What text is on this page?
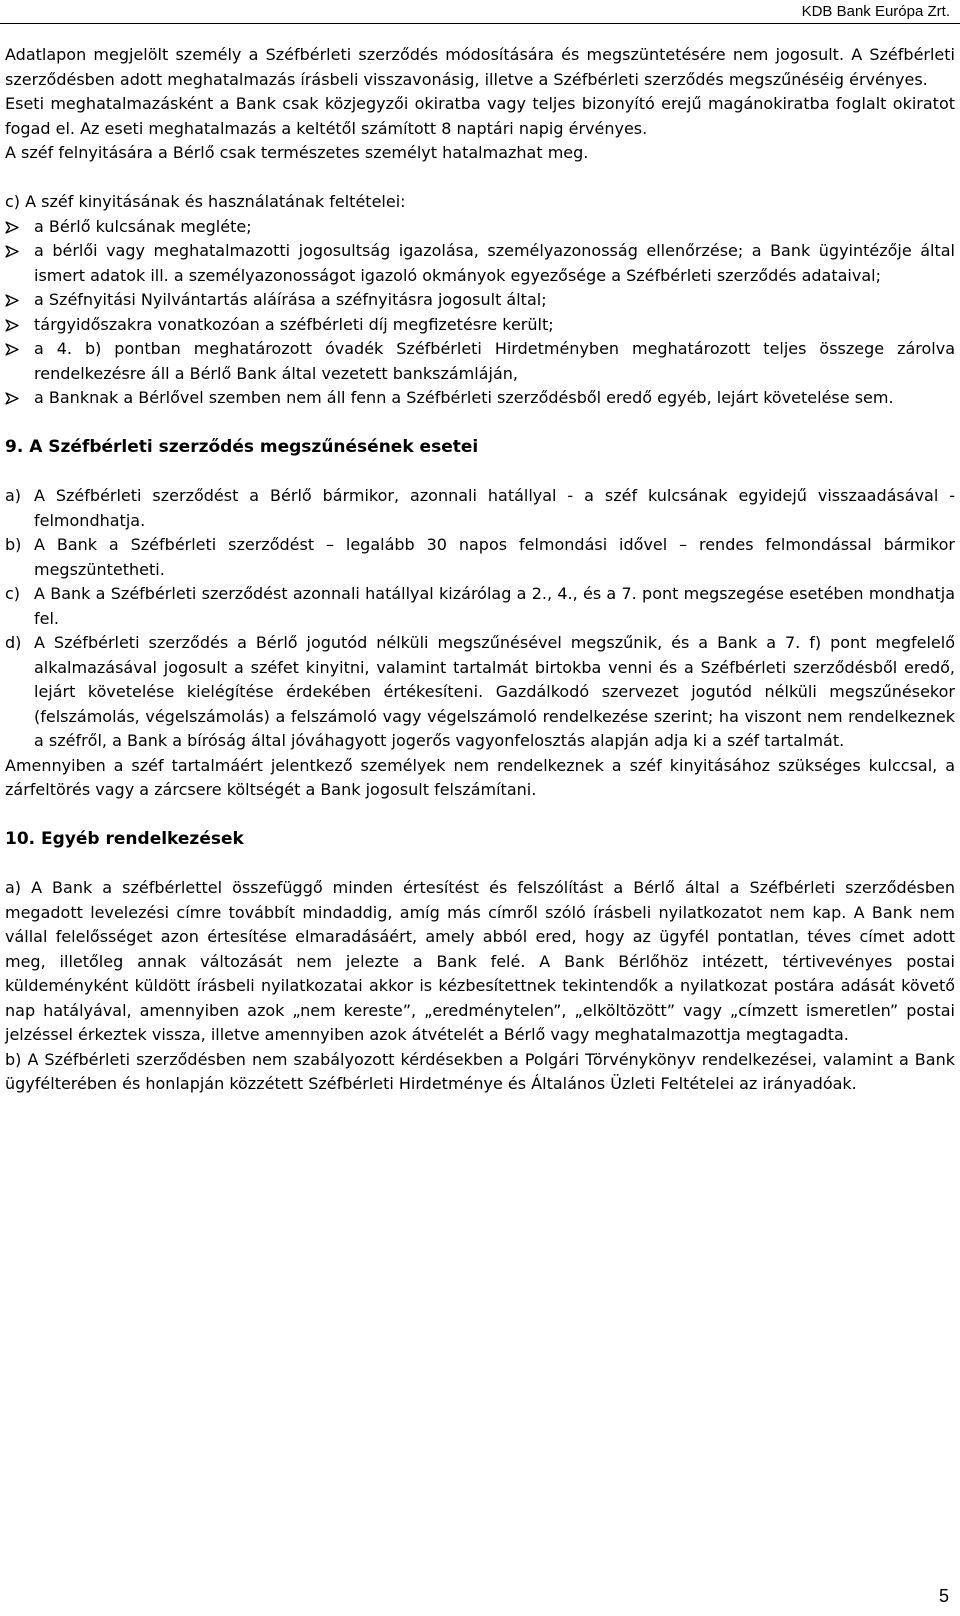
KDB Bank Európa Zrt.

Adatlapon megjelölt személy a Széfbérleti szerződés módosítására és megszüntetésére nem jogosult. A Széfbérleti szerződésben adott meghatalmazás írásbeli visszavonásig, illetve a Széfbérleti szerződés megszűnéséig érvényes.

Eseti meghatalmazásként a Bank csak közjegyzői okiratba vagy teljes bizonyító erejű magánokiratba foglalt okiratot fogad el. Az eseti meghatalmazás a keltétől számított 8 naptári napig érvényes.

A széf felnyitására a Bérlő csak természetes személyt hatalmazhat meg.

c) A széf kinyitásának és használatának feltételei:

a Bérlő kulcsának megléte;
a bérlői vagy meghatalmazotti jogosultság igazolása, személyazonosság ellenőrzése; a Bank ügyintézője által ismert adatok ill. a személyazonosságot igazoló okmányok egyezősége a Széfbérleti szerződés adataival;
a Széfnyitási Nyilvántartás aláírása a széfnyitásra jogosult által;
tárgyidőszakra vonatkozóan a széfbérleti díj megfizetésre került;
a 4. b) pontban meghatározott óvadék Széfbérleti Hirdetményben meghatározott teljes összege zárolva rendelkezésre áll a Bérlő Bank által vezetett bankszámláján,
a Banknak a Bérlővel szemben nem áll fenn a Széfbérleti szerződésből eredő egyéb, lejárt követelése sem.
9. A Széfbérleti szerződés megszűnésének esetei
a) A Széfbérleti szerződést a Bérlő bármikor, azonnali hatállyal - a széf kulcsának egyidejű visszaadásával - felmondhatja.
b) A Bank a Széfbérleti szerződést – legalább 30 napos felmondási idővel – rendes felmondással bármikor megszüntetheti.
c) A Bank a Széfbérleti szerződést azonnali hatállyal kizárólag a 2., 4., és a 7. pont megszegése esetében mondhatja fel.
d) A Széfbérleti szerződés a Bérlő jogutód nélküli megszűnésével megszűnik, és a Bank a 7. f) pont megfelelő alkalmazásával jogosult a széfet kinyitni, valamint tartalmát birtokba venni és a Széfbérleti szerződésből eredő, lejárt követelése kielégítése érdekében értékesíteni. Gazdálkodó szervezet jogutód nélküli megszűnésekor (felszámolás, végelszámolás) a felszámoló vagy végelszámoló rendelkezése szerint; ha viszont nem rendelkeznek a széfről, a Bank a bíróság által jóváhagyott jogerős vagyonfelosztás alapján adja ki a széf tartalmát.

Amennyiben a széf tartalmáért jelentkező személyek nem rendelkeznek a széf kinyitásához szükséges kulccsal, a zárfeltörés vagy a zárcsere költségét a Bank jogosult felszámítani.

10. Egyéb rendelkezések

a) A Bank a széfbérlettel összefüggő minden értesítést és felszólítást a Bérlő által a Széfbérleti szerződésben megadott levelezési címre továbbít mindaddig, amíg más címről szóló írásbeli nyilatkozatot nem kap. A Bank nem vállal felelősséget azon értesítése elmaradásáért, amely abból ered, hogy az ügyfél pontatlan, téves címet adott meg, illetőleg annak változását nem jelezte a Bank felé. A Bank Bérlőhöz intézett, tértivevényes postai küldeményként küldött írásbeli nyilatkozatai akkor is kézbesítettnek tekintendők a nyilatkozat postára adását követő nap hatályával, amennyiben azok „nem kereste”, „eredménytelen”, „elköltözött” vagy „címzett ismeretlen” postai jelzéssel érkeztek vissza, illetve amennyiben azok átvételét a Bérlő vagy meghatalmazottja megtagadta.

b) A Széfbérleti szerződésben nem szabályozott kérdésekben a Polgári Törvénykönyv rendelkezései, valamint a Bank ügyfélterében és honlapján közzétett Széfbérleti Hirdetménye és Általános Üzleti Feltételei az irányadóak.

5
